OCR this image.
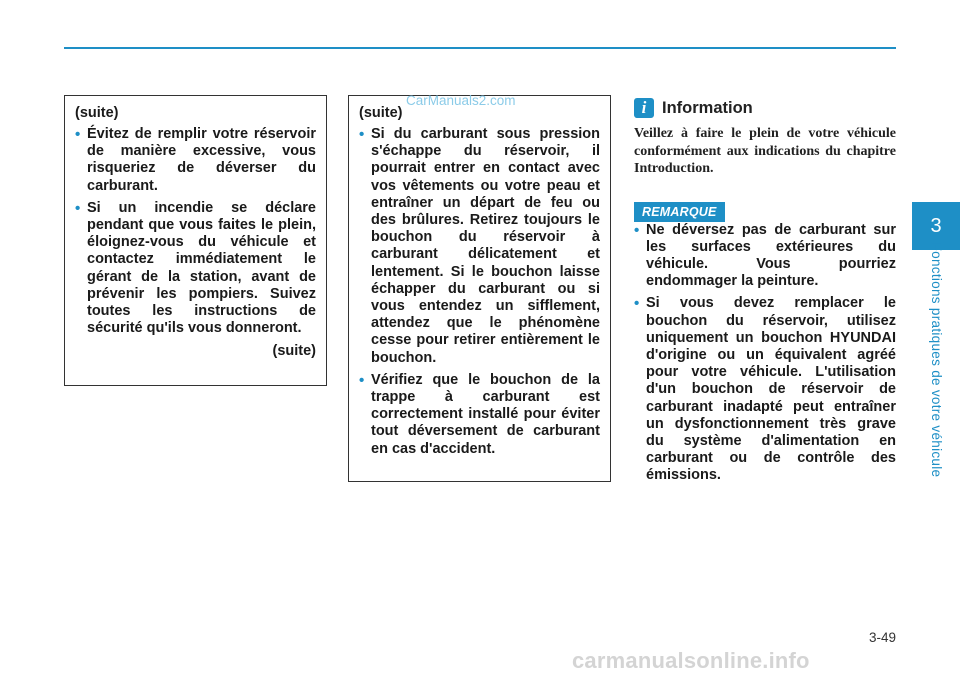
(suite)
• Évitez de remplir votre réservoir de manière excessive, vous risqueriez de déverser du carburant.
• Si un incendie se déclare pendant que vous faites le plein, éloignez-vous du véhicule et contactez immédiatement le gérant de la station, avant de prévenir les pompiers. Suivez toutes les instructions de sécurité qu'ils vous donneront.
(suite)
(suite)
• Si du carburant sous pression s'échappe du réservoir, il pourrait entrer en contact avec vos vêtements ou votre peau et entraîner un départ de feu ou des brûlures. Retirez toujours le bouchon du réservoir à carburant délicatement et lentement. Si le bouchon laisse échapper du carburant ou si vous entendez un sifflement, attendez que le phénomène cesse pour retirer entièrement le bouchon.
• Vérifiez que le bouchon de la trappe à carburant est correctement installé pour éviter tout déversement de carburant en cas d'accident.
CarManuals2.com	i Information
Veillez à faire le plein de votre véhicule conformément aux indications du chapitre Introduction.
REMARQUE
• Ne déversez pas de carburant sur les surfaces extérieures du véhicule. Vous pourriez endommager la peinture.
• Si vous devez remplacer le bouchon du réservoir, utilisez uniquement un bouchon HYUNDAI d'origine ou un équivalent agréé pour votre véhicule. L'utilisation d'un bouchon de réservoir de carburant inadapté peut entraîner un dysfonctionnement très grave du système d'alimentation en carburant ou de contrôle des émissions.
3
Fonctions pratiques de votre véhicule
3-49
carmanualsonline.info
